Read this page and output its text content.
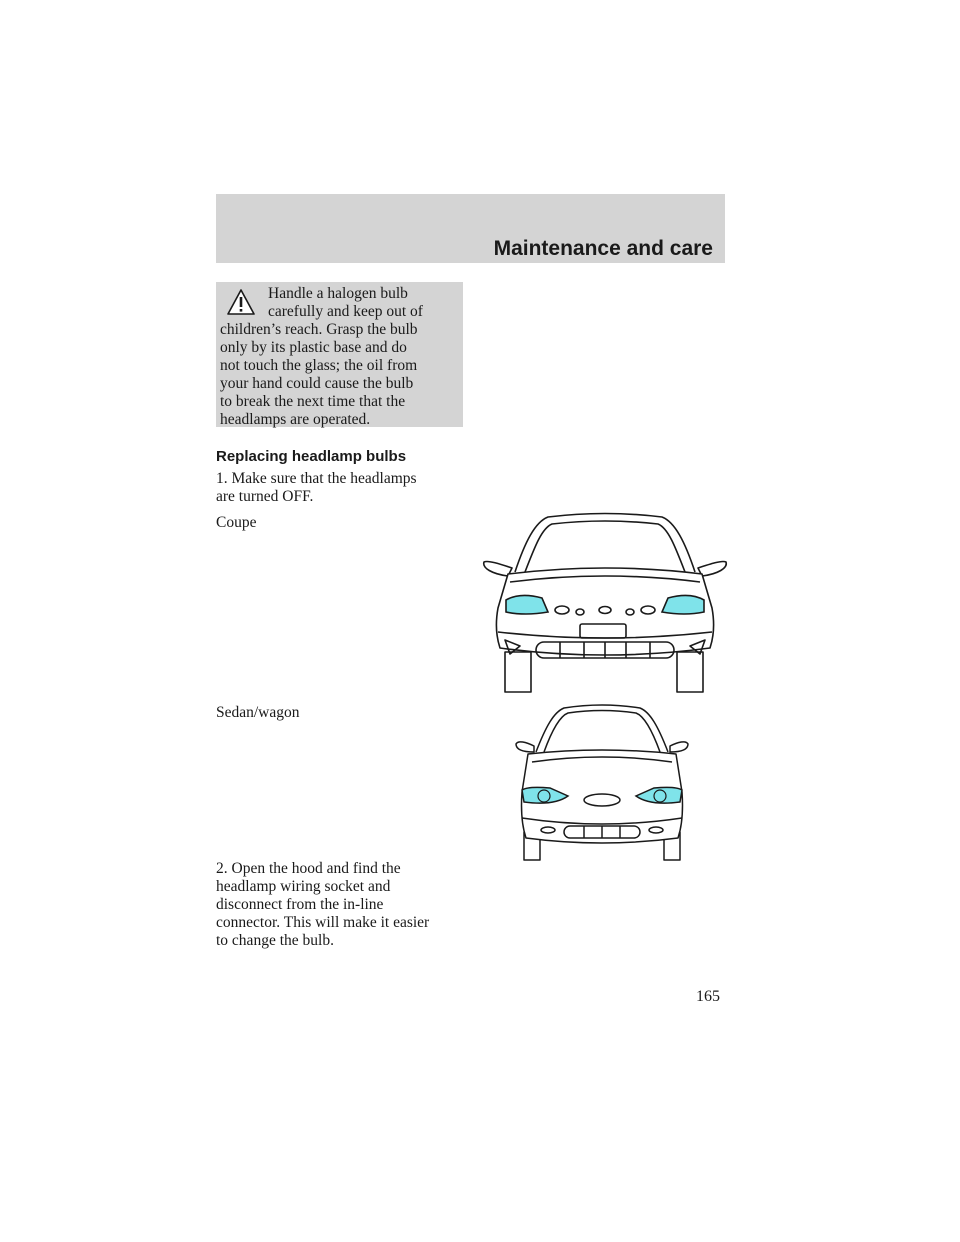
Maintenance and care
Handle a halogen bulb
carefully and keep out of
children’s reach. Grasp the bulb
only by its plastic base and do
not touch the glass; the oil from
your hand could cause the bulb
to break the next time that the
headlamps are operated.
Replacing headlamp bulbs
1. Make sure that the headlamps
are turned OFF.
Coupe
Sedan/wagon
2. Open the hood and find the
headlamp wiring socket and
disconnect from the in-line
connector. This will make it easier
to change the bulb.
165
